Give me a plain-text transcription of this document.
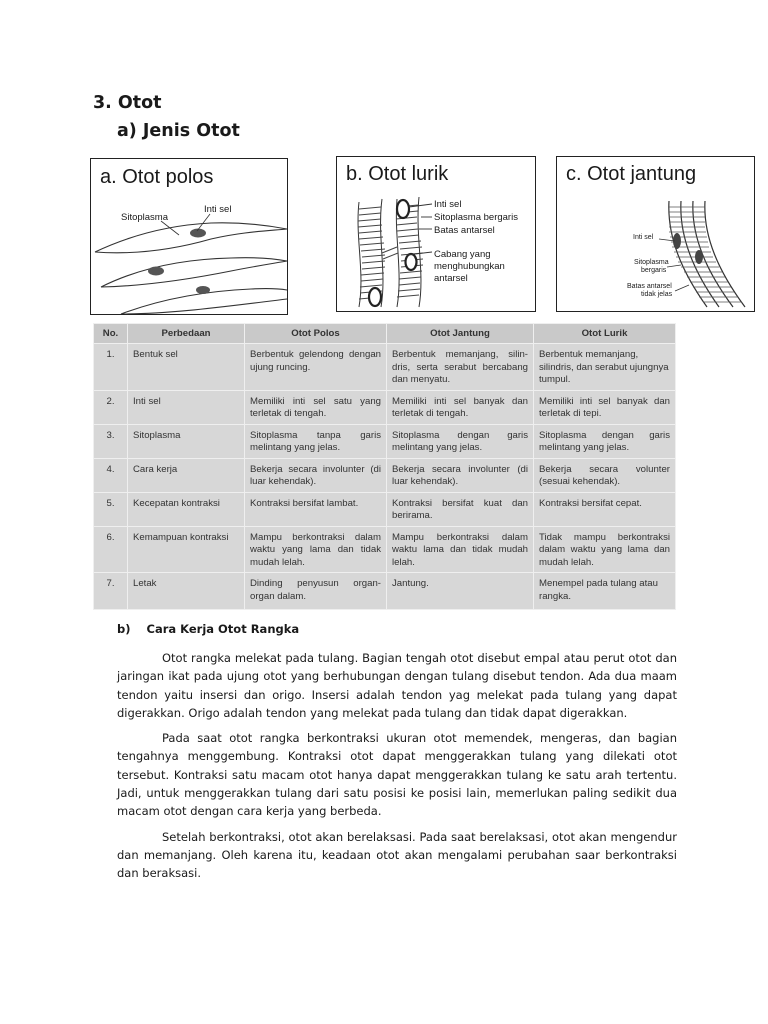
3. Otot
a) Jenis Otot
a. Otot polos
Inti sel
Sitoplasma
b. Otot lurik
Inti sel
Sitoplasma bergaris
Batas antarsel
Cabang yang
menghubungkan
antarsel
c. Otot jantung
Inti sel
Sitoplasma
bergaris
Batas antarsel
tidak jelas
No.	Perbedaan	Otot Polos	Otot Jantung	Otot Lurik
1.	Bentuk sel	Berbentuk gelendong dengan ujung runcing.	Berbentuk memanjang, silin-dris, serta serabut bercabang dan menyatu.	Berbentuk memanjang, silindris, dan serabut ujungnya tumpul.
2.	Inti sel	Memiliki inti sel satu yang terletak di tengah.	Memiliki inti sel banyak dan terletak di tengah.	Memiliki inti sel banyak dan terletak di tepi.
3.	Sitoplasma	Sitoplasma tanpa garis melintang yang jelas.	Sitoplasma dengan garis melintang yang jelas.	Sitoplasma dengan garis melintang yang jelas.
4.	Cara kerja	Bekerja secara involunter (di luar kehendak).	Bekerja secara involunter (di luar kehendak).	Bekerja secara volunter (sesuai kehendak).
5.	Kecepatan kontraksi	Kontraksi bersifat lambat.	Kontraksi bersifat kuat dan berirama.	Kontraksi bersifat cepat.
6.	Kemampuan kontraksi	Mampu berkontraksi dalam waktu yang lama dan tidak mudah lelah.	Mampu berkontraksi dalam waktu lama dan tidak mudah lelah.	Tidak mampu berkontraksi dalam waktu yang lama dan mudah lelah.
7.	Letak	Dinding penyusun organ-organ dalam.	Jantung.	Menempel pada tulang atau rangka.
b)    Cara Kerja Otot Rangka

Otot rangka melekat pada tulang. Bagian tengah otot disebut empal atau perut otot dan jaringan ikat pada ujung otot yang berhubungan dengan tulang disebut tendon. Ada dua maam tendon yaitu insersi dan origo. Insersi adalah tendon yag melekat pada tulang yang dapat digerakkan. Origo adalah tendon yang melekat pada tulang dan tidak dapat digerakkan.

Pada saat otot rangka berkontraksi ukuran otot memendek, mengeras, dan bagian tengahnya menggembung. Kontraksi otot dapat menggerakkan tulang yang dilekati otot tersebut. Kontraksi satu macam otot hanya dapat menggerakkan tulang ke satu arah tertentu. Jadi, untuk menggerakkan tulang dari satu posisi ke posisi lain, memerlukan paling sedikit dua macam otot dengan cara kerja yang berbeda.

Setelah berkontraksi, otot akan berelaksasi. Pada saat berelaksasi, otot akan mengendur dan memanjang. Oleh karena itu, keadaan otot akan mengalami perubahan saar berkontraksi dan beraksasi.
